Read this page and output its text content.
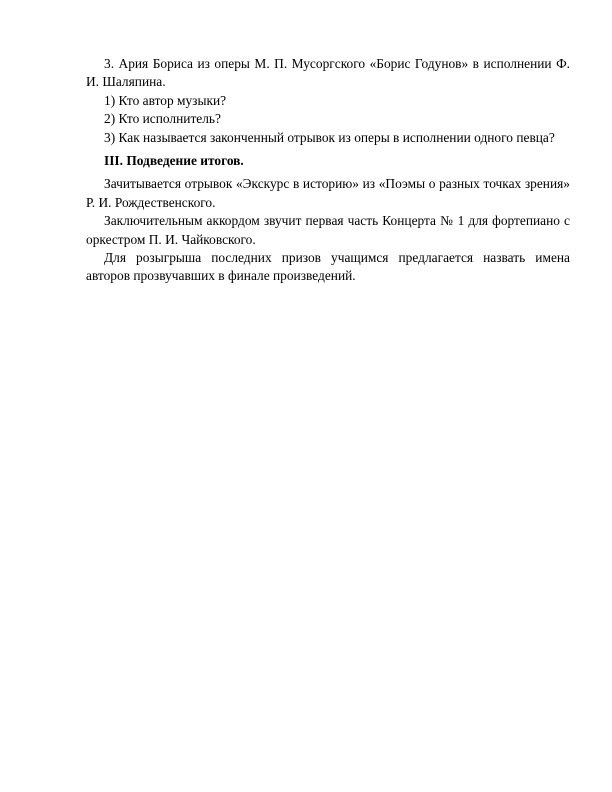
3. Ария Бориса из оперы М. П. Мусоргского «Борис Годунов» в исполнении Ф. И. Шаляпина.

1) Кто автор музыки?

2) Кто исполнитель?

3) Как называется законченный отрывок из оперы в исполнении одного певца?

III. Подведение итогов.

Зачитывается отрывок «Экскурс в историю» из «Поэмы о разных точках зрения» Р. И. Рождественского.

Заключительным аккордом звучит первая часть Концерта № 1 для фортепиано с оркестром П. И. Чайковского.

Для розыгрыша последних призов учащимся предлагается назвать имена авторов прозвучавших в финале произведений.
